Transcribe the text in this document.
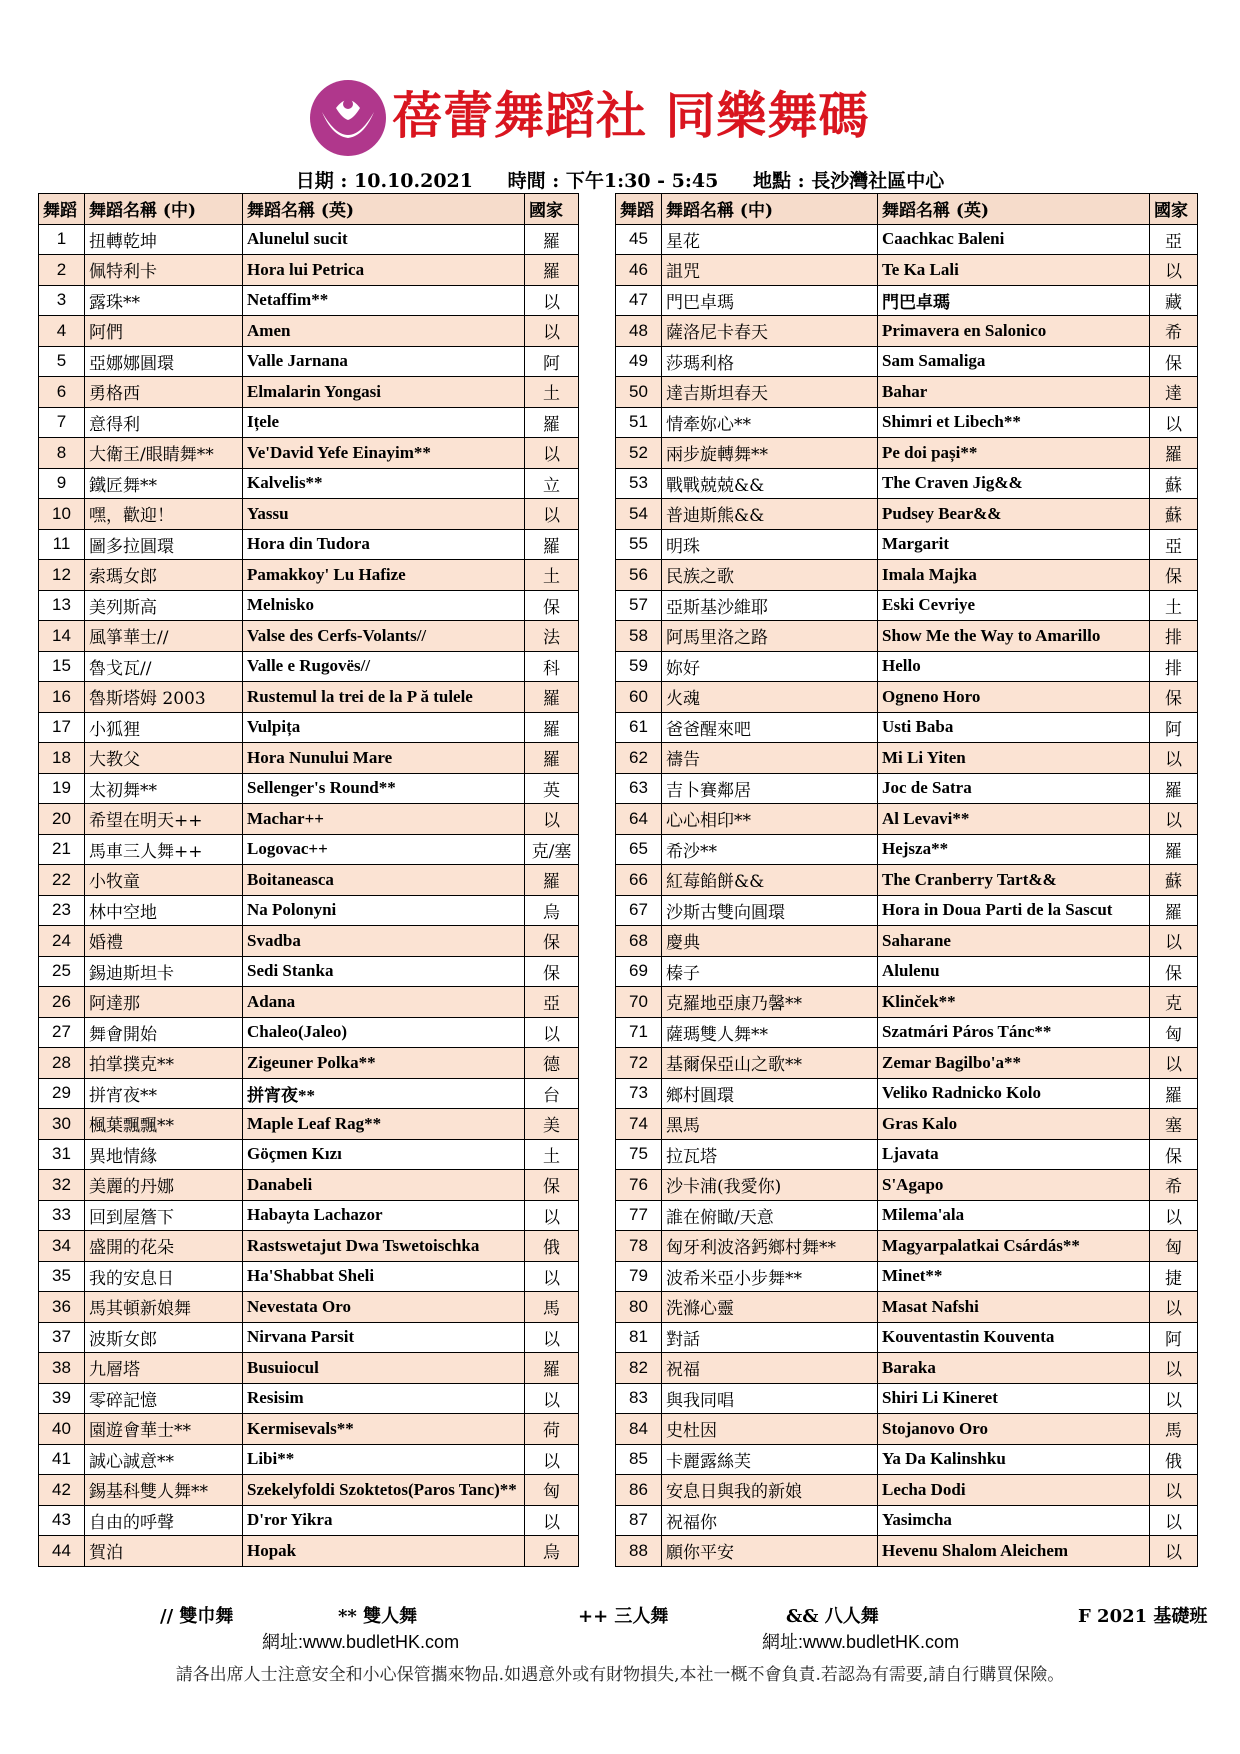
蓓蕾舞蹈社 同樂舞碼
日期 : 10.10.2021 時間 : 下午1:30 - 5:45 地點 : 長沙灣社區中心
舞蹈	舞蹈名稱 (中)	舞蹈名稱 (英)	國家
1	扭轉乾坤	Alunelul sucit	羅
2	佩特利卡	Hora lui Petrica	羅
3	露珠**	Netaffim**	以
4	阿們	Amen	以
5	亞娜娜圓環	Valle Jarnana	阿
6	勇格西	Elmalarin Yongasi	土
7	意得利	Ițele	羅
8	大衛王/眼睛舞**	Ve'David Yefe Einayim**	以
9	鐵匠舞**	Kalvelis**	立
10	嘿，歡迎！	Yassu	以
11	圖多拉圓環	Hora din Tudora	羅
12	索瑪女郎	Pamakkoy' Lu Hafize	土
13	美列斯高	Melnisko	保
14	風箏華士//	Valse des Cerfs-Volants//	法
15	魯戈瓦//	Valle e Rugovës//	科
16	魯斯塔姆 2003	Rustemul la trei de la P ă tulele	羅
17	小狐狸	Vulpița	羅
18	大教父	Hora Nunului Mare	羅
19	太初舞**	Sellenger's Round**	英
20	希望在明天++	Machar++	以
21	馬車三人舞++	Logovac++	克/塞
22	小牧童	Boitaneasca	羅
23	林中空地	Na Polonyni	烏
24	婚禮	Svadba	保
25	錫迪斯坦卡	Sedi Stanka	保
26	阿達那	Adana	亞
27	舞會開始	Chaleo(Jaleo)	以
28	拍掌撲克**	Zigeuner Polka**	德
29	拼宵夜**	拼宵夜**	台
30	楓葉飄飄**	Maple Leaf Rag**	美
31	異地情緣	Göçmen Kızı	土
32	美麗的丹娜	Danabeli	保
33	回到屋簷下	Habayta Lachazor	以
34	盛開的花朵	Rastswetajut Dwa Tswetoischka	俄
35	我的安息日	Ha'Shabbat Sheli	以
36	馬其頓新娘舞	Nevestata Oro	馬
37	波斯女郎	Nirvana Parsit	以
38	九層塔	Busuiocul	羅
39	零碎記憶	Resisim	以
40	園遊會華士**	Kermisevals**	荷
41	誠心誠意**	Libi**	以
42	錫基科雙人舞**	Szekelyfoldi Szoktetos(Paros Tanc)**	匈
43	自由的呼聲	D'ror Yikra	以
44	賀泊	Hopak	烏
舞蹈	舞蹈名稱 (中)	舞蹈名稱 (英)	國家
45	星花	Caachkac Baleni	亞
46	詛咒	Te Ka Lali	以
47	門巴卓瑪	門巴卓瑪	藏
48	薩洛尼卡春天	Primavera en Salonico	希
49	莎瑪利格	Sam Samaliga	保
50	達吉斯坦春天	Bahar	達
51	情牽妳心**	Shimri et Libech**	以
52	兩步旋轉舞**	Pe doi pași**	羅
53	戰戰兢兢&&	The Craven Jig&&	蘇
54	普迪斯熊&&	Pudsey Bear&&	蘇
55	明珠	Margarit	亞
56	民族之歌	Imala Majka	保
57	亞斯基沙維耶	Eski Cevriye	土
58	阿馬里洛之路	Show Me the Way to Amarillo	排
59	妳好	Hello	排
60	火魂	Ogneno Horo	保
61	爸爸醒來吧	Usti Baba	阿
62	禱告	Mi Li Yiten	以
63	吉卜賽鄰居	Joc de Satra	羅
64	心心相印**	Al Levavi**	以
65	希沙**	Hejsza**	羅
66	紅莓餡餅&&	The Cranberry Tart&&	蘇
67	沙斯古雙向圓環	Hora in Doua Parti de la Sascut	羅
68	慶典	Saharane	以
69	榛子	Alulenu	保
70	克羅地亞康乃馨**	Klinček**	克
71	薩瑪雙人舞**	Szatmári Páros Tánc**	匈
72	基爾保亞山之歌**	Zemar Bagilbo'a**	以
73	鄉村圓環	Veliko Radnicko Kolo	羅
74	黑馬	Gras Kalo	塞
75	拉瓦塔	Ljavata	保
76	沙卡浦(我愛你)	S'Agapo	希
77	誰在俯瞰/天意	Milema'ala	以
78	匈牙利波洛鈣鄉村舞**	Magyarpalatkai Csárdás**	匈
79	波希米亞小步舞**	Minet**	捷
80	洗滌心靈	Masat Nafshi	以
81	對話	Kouventastin Kouventa	阿
82	祝福	Baraka	以
83	與我同唱	Shiri Li Kineret	以
84	史杜因	Stojanovo Oro	馬
85	卡麗露絲芙	Ya Da Kalinshku	俄
86	安息日與我的新娘	Lecha Dodi	以
87	祝福你	Yasimcha	以
88	願你平安	Hevenu Shalom Aleichem	以
// 雙巾舞	** 雙人舞	++ 三人舞	&& 八人舞	F 2021 基礎班
網址:www.budletHK.com	網址:www.budletHK.com
請各出席人士注意安全和小心保管攜來物品.如遇意外或有財物損失,本社一概不會負責.若認為有需要,請自行購買保險。
